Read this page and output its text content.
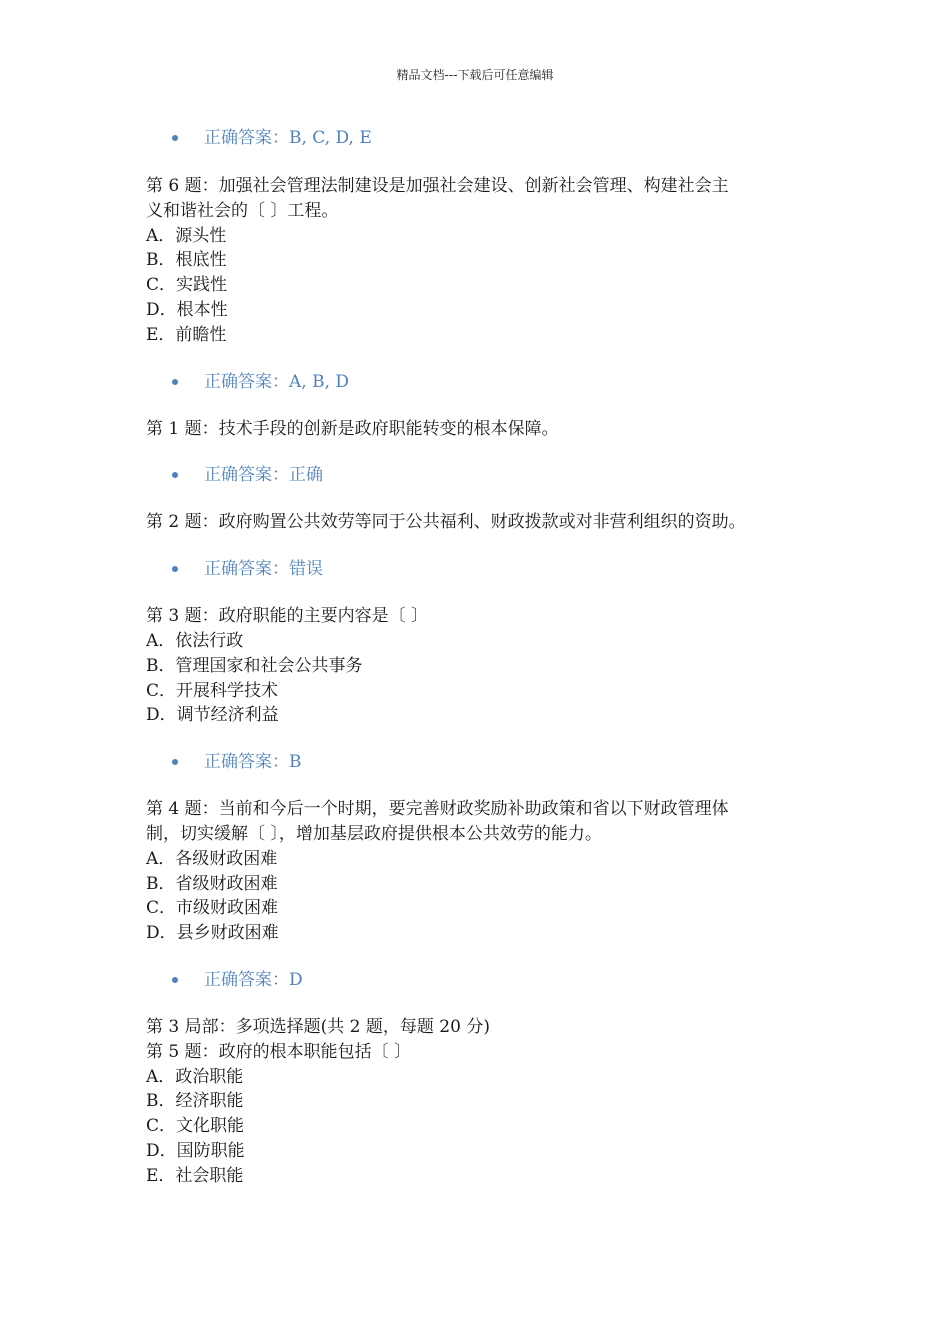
精品文档---下载后可任意编辑
正确答案：B, C, D, E
第 6 题：加强社会管理法制建设是加强社会建设、创新社会管理、构建社会主
义和谐社会的〔 〕工程。
A．源头性
B．根底性
C．实践性
D．根本性
E．前瞻性
正确答案：A, B, D
第 1 题：技术手段的创新是政府职能转变的根本保障。
正确答案：正确
第 2 题：政府购置公共效劳等同于公共福利、财政拨款或对非营利组织的资助。
正确答案：错误
第 3 题：政府职能的主要内容是〔 〕
A．依法行政
B．管理国家和社会公共事务
C．开展科学技术
D．调节经济利益
正确答案：B
第 4 题：当前和今后一个时期，要完善财政奖励补助政策和省以下财政管理体
制，切实缓解〔 〕，增加基层政府提供根本公共效劳的能力。
A．各级财政困难
B．省级财政困难
C．市级财政困难
D．县乡财政困难
正确答案：D
第 3 局部：多项选择题(共 2 题，每题 20 分)
第 5 题：政府的根本职能包括〔 〕
A．政治职能
B．经济职能
C．文化职能
D．国防职能
E．社会职能
